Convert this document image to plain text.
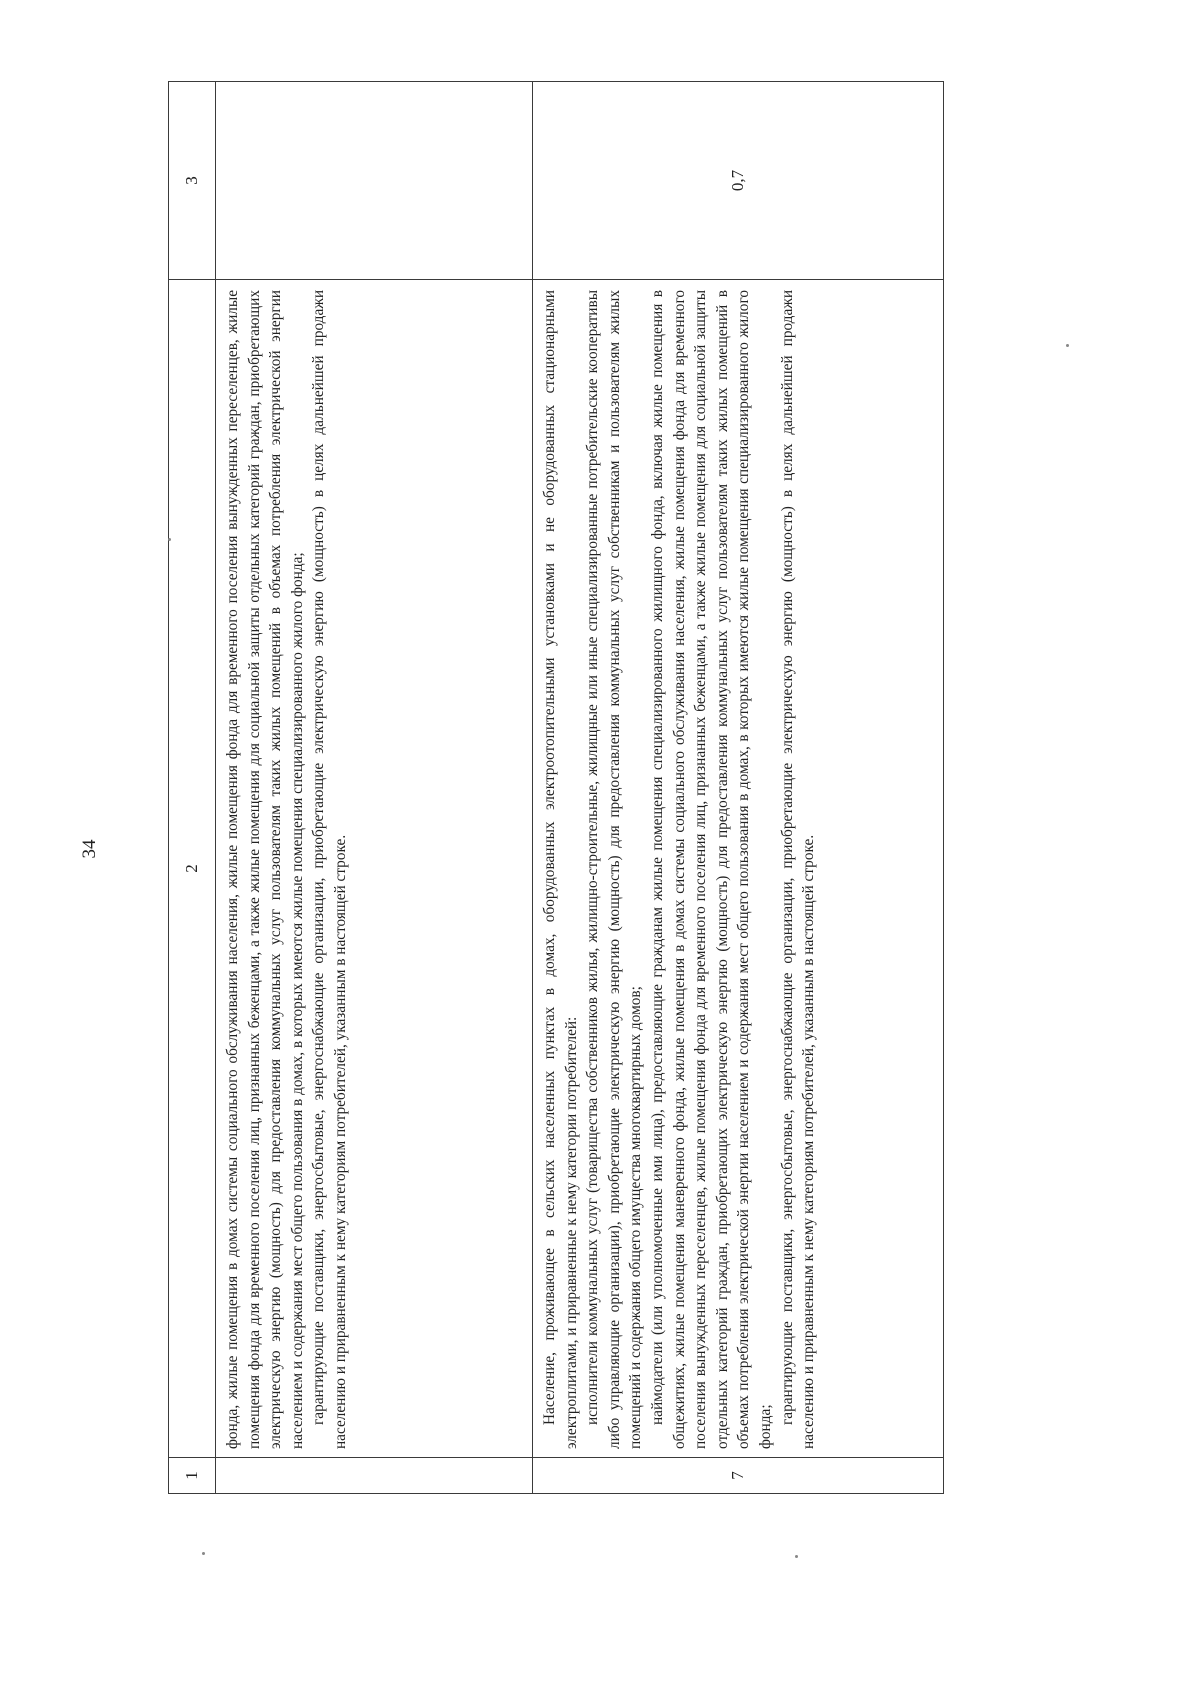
34
1	2	3

	фонда, жилые помещения в домах системы социального обслуживания населения, жилые помещения фонда для временного поселения вынужденных переселенцев, жилые помещения фонда для временного поселения лиц, признанных беженцами, а также жилые помещения для социальной защиты отдельных категорий граждан, приобретающих электрическую энергию (мощность) для предоставления коммунальных услуг пользователям таких жилых помещений в объемах потребления электрической энергии населением и содержания мест общего пользования в домах, в которых имеются жилые помещения специализированного жилого фонда; гарантирующие поставщики, энергосбытовые, энергоснабжающие организации, приобретающие электрическую энергию (мощность) в целях дальнейшей продажи населению и приравненным к нему категориям потребителей, указанным в настоящей строке.	

7	Население, проживающее в сельских населенных пунктах в домах, оборудованных электроотопительными установками и не оборудованных стационарными электроплитами, и приравненные к нему категории потребителей: исполнители коммунальных услуг (товарищества собственников жилья, жилищно-строительные, жилищные или иные специализированные потребительские кооперативы либо управляющие организации), приобретающие электрическую энергию (мощность) для предоставления коммунальных услуг собственникам и пользователям жилых помещений и содержания общего имущества многоквартирных домов; наймодатели (или уполномоченные ими лица), предоставляющие гражданам жилые помещения специализированного жилищного фонда, включая жилые помещения в общежитиях, жилые помещения маневренного фонда, жилые помещения в домах системы социального обслуживания населения, жилые помещения фонда для временного поселения вынужденных переселенцев, жилые помещения фонда для временного поселения лиц, признанных беженцами, а также жилые помещения для социальной защиты отдельных категорий граждан, приобретающих электрическую энергию (мощность) для предоставления коммунальных услуг пользователям таких жилых помещений в объемах потребления электрической энергии населением и содержания мест общего пользования в домах, в которых имеются жилые помещения специализированного жилого фонда;

гарантирующие поставщики, энергосбытовые, энергоснабжающие организации, приобретающие электрическую энергию (мощность) в целях дальнейшей продажи населению и приравненным к нему категориям потребителей, указанным в настоящей строке.	0,7
